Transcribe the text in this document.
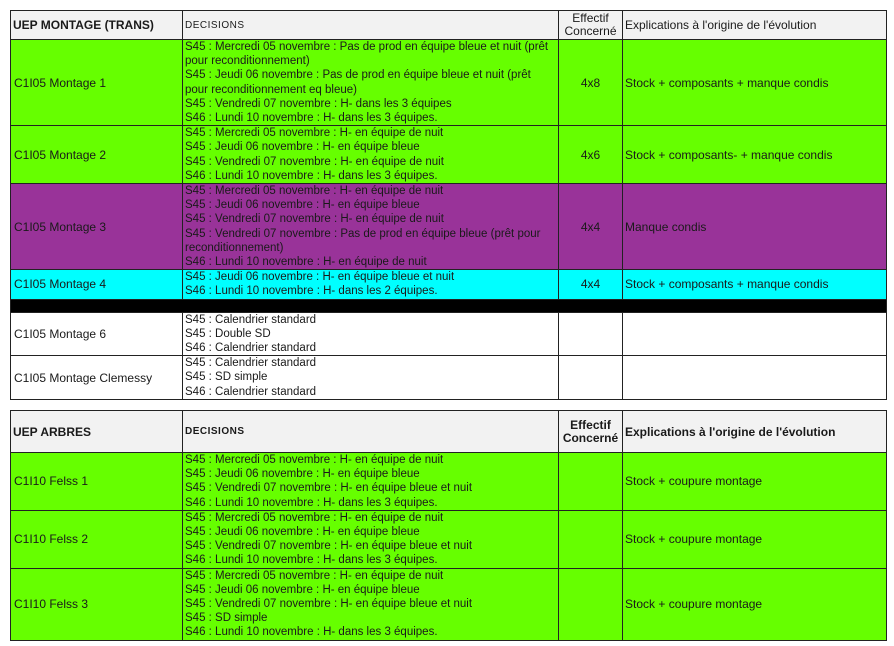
UEP MONTAGE (TRANS)	DECISIONS	Effectif
Concerné	Explications à l'origine de l'évolution
C1I05 Montage 1	S45 : Mercredi 05 novembre : Pas de prod en équipe bleue et nuit (prêt pour reconditionnement)
S45 : Jeudi 06 novembre : Pas de prod en équipe bleue et nuit (prêt pour reconditionnement eq bleue)
S45 : Vendredi 07 novembre : H- dans les 3 équipes
S46 : Lundi 10 novembre : H- dans les 3 équipes.	4x8	Stock + composants + manque condis
C1I05 Montage 2	S45 : Mercredi 05 novembre : H- en équipe de nuit
S45 : Jeudi 06 novembre : H- en équipe bleue
S45 : Vendredi 07 novembre : H- en équipe de nuit
S46 : Lundi 10 novembre : H- dans les 3 équipes.	4x6	Stock + composants- + manque condis
C1I05 Montage 3	S45 : Mercredi 05 novembre : H- en équipe de nuit
S45 : Jeudi 06 novembre : H- en équipe bleue
S45 : Vendredi 07 novembre : H- en équipe de nuit
S45 : Vendredi 07 novembre : Pas de prod en équipe bleue (prêt pour reconditionnement)
S46 : Lundi 10 novembre : H- en équipe de nuit	4x4	Manque condis
C1I05 Montage 4	S45 : Jeudi 06 novembre : H- en équipe bleue et nuit
S46 : Lundi 10 novembre : H- dans les 2 équipes.	4x4	Stock + composants + manque condis

C1I05 Montage 6	S45 : Calendrier standard
S45 : Double SD
S46 : Calendrier standard		

C1I05 Montage Clemessy	S45 : Calendrier standard
S45 : SD simple
S46 : Calendrier standard		

UEP ARBRES	DECISIONS	Effectif
Concerné	Explications à l'origine de l'évolution
C1I10 Felss 1	S45 : Mercredi 05 novembre : H- en équipe de nuit
S45 : Jeudi 06 novembre : H- en équipe bleue
S45 : Vendredi 07 novembre : H- en équipe bleue et nuit
S46 : Lundi 10 novembre : H- dans les 3 équipes.		Stock + coupure montage
C1I10 Felss 2	S45 : Mercredi 05 novembre : H- en équipe de nuit
S45 : Jeudi 06 novembre : H- en équipe bleue
S45 : Vendredi 07 novembre : H- en équipe bleue et nuit
S46 : Lundi 10 novembre : H- dans les 3 équipes.		Stock + coupure montage
C1I10 Felss 3	S45 : Mercredi 05 novembre : H- en équipe de nuit
S45 : Jeudi 06 novembre : H- en équipe bleue
S45 : Vendredi 07 novembre : H- en équipe bleue et nuit
S45 : SD simple
S46 : Lundi 10 novembre : H- dans les 3 équipes.		Stock + coupure montage
